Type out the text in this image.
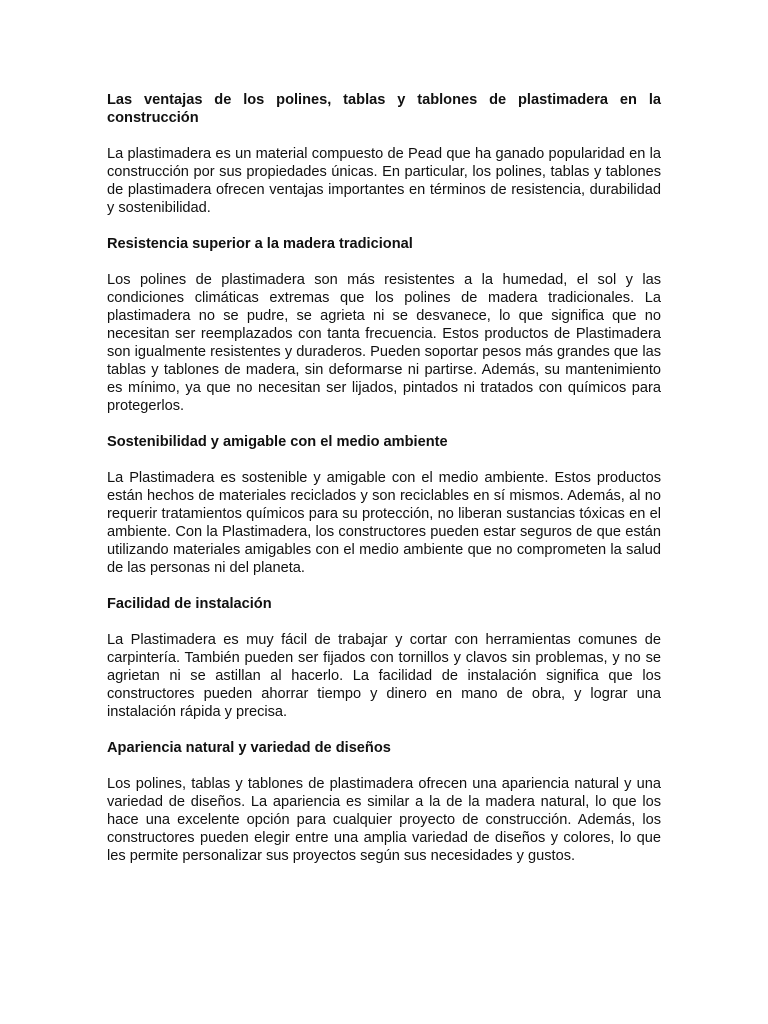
Las ventajas de los polines, tablas y tablones de plastimadera en la construcción

La plastimadera es un material compuesto de Pead que ha ganado popularidad en la construcción por sus propiedades únicas. En particular, los polines, tablas y tablones de plastimadera ofrecen ventajas importantes en términos de resistencia, durabilidad y sostenibilidad.

Resistencia superior a la madera tradicional

Los polines de plastimadera son más resistentes a la humedad, el sol y las condiciones climáticas extremas que los polines de madera tradicionales. La plastimadera no se pudre, se agrieta ni se desvanece, lo que significa que no necesitan ser reemplazados con tanta frecuencia. Estos productos de Plastimadera son igualmente resistentes y duraderos. Pueden soportar pesos más grandes que las tablas y tablones de madera, sin deformarse ni partirse. Además, su mantenimiento es mínimo, ya que no necesitan ser lijados, pintados ni tratados con químicos para protegerlos.

Sostenibilidad y amigable con el medio ambiente

La Plastimadera es sostenible y amigable con el medio ambiente. Estos productos están hechos de materiales reciclados y son reciclables en sí mismos. Además, al no requerir tratamientos químicos para su protección, no liberan sustancias tóxicas en el ambiente. Con la Plastimadera, los constructores pueden estar seguros de que están utilizando materiales amigables con el medio ambiente que no comprometen la salud de las personas ni del planeta.

Facilidad de instalación

La Plastimadera es muy fácil de trabajar y cortar con herramientas comunes de carpintería. También pueden ser fijados con tornillos y clavos sin problemas, y no se agrietan ni se astillan al hacerlo. La facilidad de instalación significa que los constructores pueden ahorrar tiempo y dinero en mano de obra, y lograr una instalación rápida y precisa.

Apariencia natural y variedad de diseños

Los polines, tablas y tablones de plastimadera ofrecen una apariencia natural y una variedad de diseños. La apariencia es similar a la de la madera natural, lo que los hace una excelente opción para cualquier proyecto de construcción. Además, los constructores pueden elegir entre una amplia variedad de diseños y colores, lo que les permite personalizar sus proyectos según sus necesidades y gustos.
